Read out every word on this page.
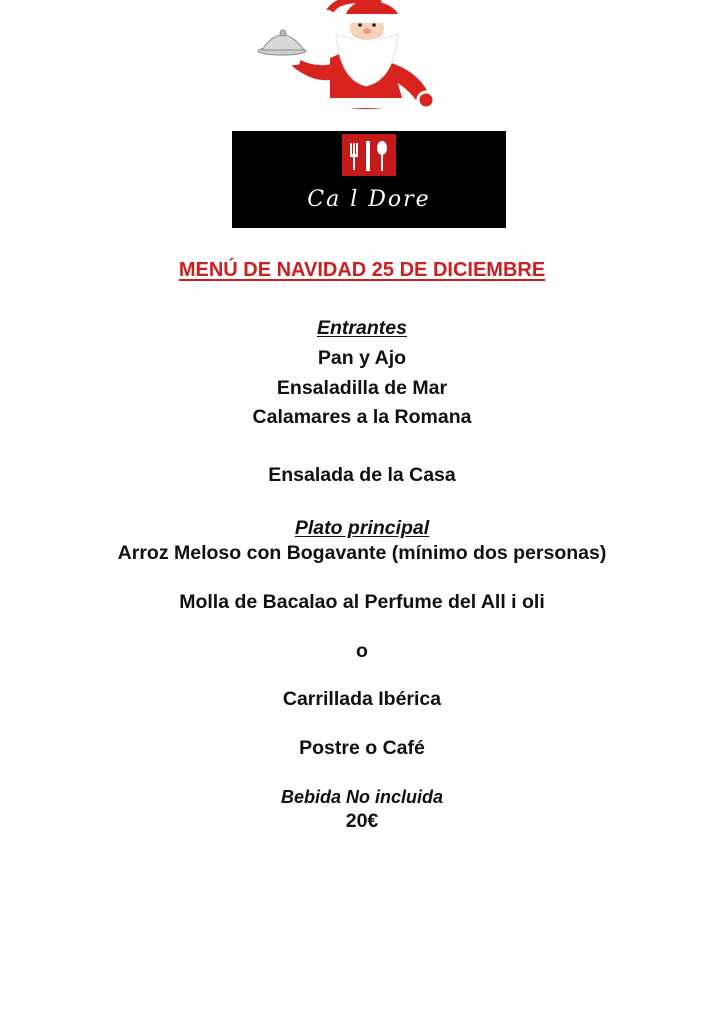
Ca l Dore
MENÚ DE NAVIDAD 25 DE DICIEMBRE
Entrantes
Pan y Ajo
Ensaladilla de Mar
Calamares a la Romana
Ensalada de la Casa
Plato principal
Arroz Meloso con Bogavante (mínimo dos personas)
Molla de Bacalao al Perfume del All i oli
o
Carrillada Ibérica
Postre o Café
Bebida No incluida
20€
